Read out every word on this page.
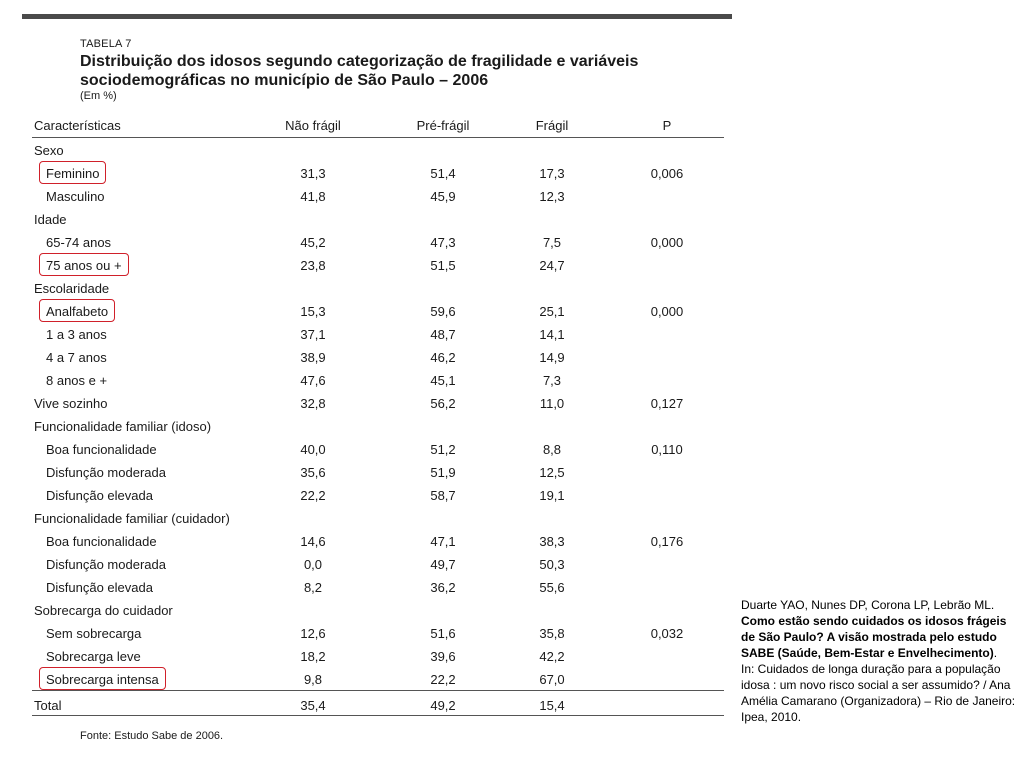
TABELA 7
Distribuição dos idosos segundo categorização de fragilidade e variáveis sociodemográficas no município de São Paulo – 2006
(Em %)
Características	Não frágil	Pré-frágil	Frágil	P
Sexo
Feminino	31,3	51,4	17,3	0,006
Masculino	41,8	45,9	12,3
Idade
65-74 anos	45,2	47,3	7,5	0,000
75 anos ou +	23,8	51,5	24,7
Escolaridade
Analfabeto	15,3	59,6	25,1	0,000
1 a 3 anos	37,1	48,7	14,1
4 a 7 anos	38,9	46,2	14,9
8 anos e +	47,6	45,1	7,3
Vive sozinho	32,8	56,2	11,0	0,127
Funcionalidade familiar (idoso)
Boa funcionalidade	40,0	51,2	8,8	0,110
Disfunção moderada	35,6	51,9	12,5
Disfunção elevada	22,2	58,7	19,1
Funcionalidade familiar (cuidador)
Boa funcionalidade	14,6	47,1	38,3	0,176
Disfunção moderada	0,0	49,7	50,3
Disfunção elevada	8,2	36,2	55,6
Sobrecarga do cuidador
Sem sobrecarga	12,6	51,6	35,8	0,032
Sobrecarga leve	18,2	39,6	42,2
Sobrecarga intensa	9,8	22,2	67,0
Total	35,4	49,2	15,4
Fonte: Estudo Sabe de 2006.
Duarte YAO, Nunes DP, Corona LP, Lebrão ML. Como estão sendo cuidados os idosos frágeis de São Paulo? A visão mostrada pelo estudo SABE (Saúde, Bem-Estar e Envelhecimento).
In: Cuidados de longa duração para a população idosa : um novo risco social a ser assumido? / Ana Amélia Camarano (Organizadora) – Rio de Janeiro: Ipea, 2010.
